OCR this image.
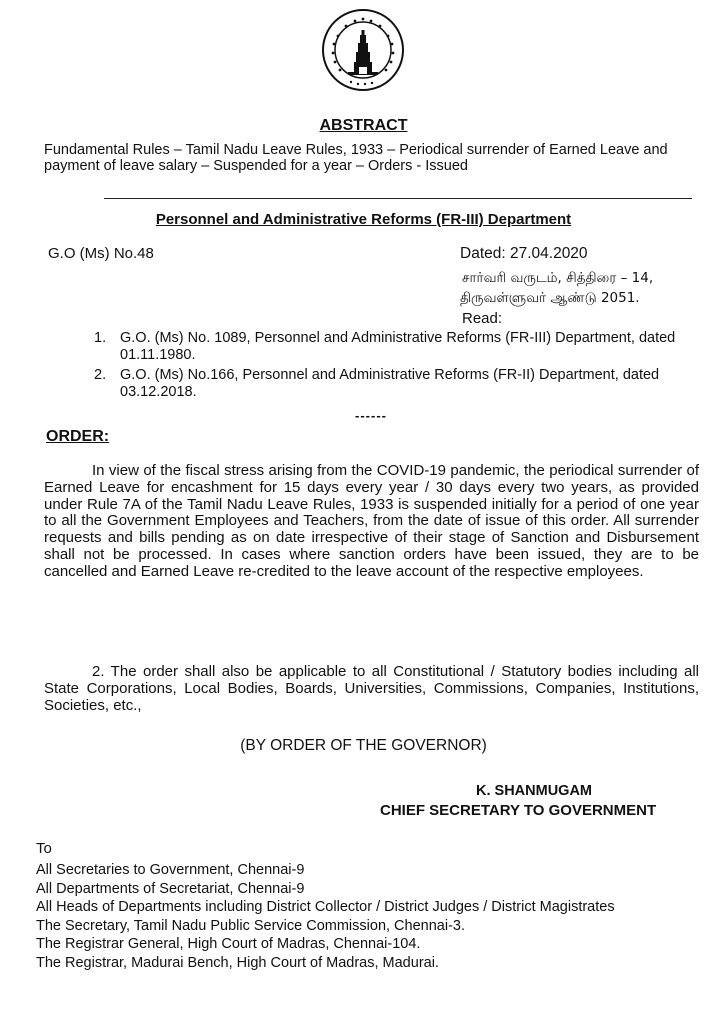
ABSTRACT
Fundamental Rules – Tamil Nadu Leave Rules, 1933 – Periodical surrender of Earned Leave and payment of leave salary – Suspended for a year – Orders - Issued
Personnel and Administrative Reforms (FR-III) Department
G.O (Ms) No.48	Dated: 27.04.2020
சார்வரி வருடம், சித்திரை – 14,
திருவள்ளுவர் ஆண்டு 2051.
Read:
1. G.O. (Ms) No. 1089, Personnel and Administrative Reforms (FR-III) Department, dated 01.11.1980.
2. G.O. (Ms) No.166, Personnel and Administrative Reforms (FR-II) Department, dated 03.12.2018.
------
ORDER:

In view of the fiscal stress arising from the COVID-19 pandemic, the periodical surrender of Earned Leave for encashment for 15 days every year / 30 days every two years, as provided under Rule 7A of the Tamil Nadu Leave Rules, 1933 is suspended initially for a period of one year to all the Government Employees and Teachers, from the date of issue of this order. All surrender requests and bills pending as on date irrespective of their stage of Sanction and Disbursement shall not be processed. In cases where sanction orders have been issued, they are to be cancelled and Earned Leave re-credited to the leave account of the respective employees.

2. The order shall also be applicable to all Constitutional / Statutory bodies including all State Corporations, Local Bodies, Boards, Universities, Commissions, Companies, Institutions, Societies, etc.,

(BY ORDER OF THE GOVERNOR)
K. SHANMUGAM
CHIEF SECRETARY TO GOVERNMENT
To
All Secretaries to Government, Chennai-9
All Departments of Secretariat, Chennai-9
All Heads of Departments including District Collector / District Judges / District Magistrates
The Secretary, Tamil Nadu Public Service Commission, Chennai-3.
The Registrar General, High Court of Madras, Chennai-104.
The Registrar, Madurai Bench, High Court of Madras, Madurai.
